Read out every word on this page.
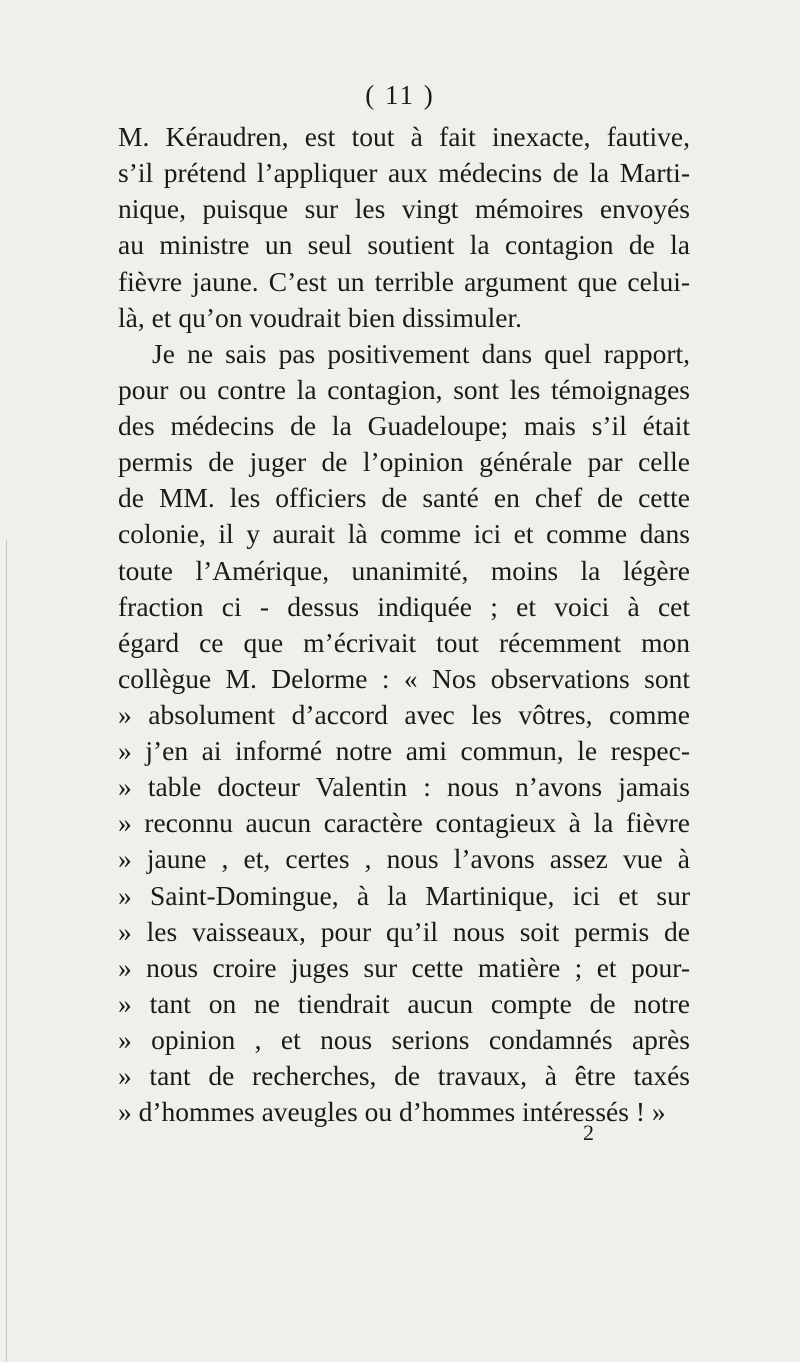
( 11 )
M. Kéraudren, est tout à fait inexacte, fautive,
s’il prétend l’appliquer aux médecins de la Marti-
nique, puisque sur les vingt mémoires envoyés
au ministre un seul soutient la contagion de la
fièvre jaune. C’est un terrible argument que celui-
là, et qu’on voudrait bien dissimuler.
Je ne sais pas positivement dans quel rapport,
pour ou contre la contagion, sont les témoignages
des médecins de la Guadeloupe; mais s’il était
permis de juger de l’opinion générale par celle
de MM. les officiers de santé en chef de cette
colonie, il y aurait là comme ici et comme dans
toute l’Amérique, unanimité, moins la légère
fraction ci - dessus indiquée ; et voici à cet
égard ce que m’écrivait tout récemment mon
collègue M. Delorme : « Nos observations sont
» absolument d’accord avec les vôtres, comme
» j’en ai informé notre ami commun, le respec-
» table docteur Valentin : nous n’avons jamais
» reconnu aucun caractère contagieux à la fièvre
» jaune , et, certes , nous l’avons assez vue à
» Saint-Domingue, à la Martinique, ici et sur
» les vaisseaux, pour qu’il nous soit permis de
» nous croire juges sur cette matière ; et pour-
» tant on ne tiendrait aucun compte de notre
» opinion , et nous serions condamnés après
» tant de recherches, de travaux, à être taxés
» d’hommes aveugles ou d’hommes intéressés ! »
2
